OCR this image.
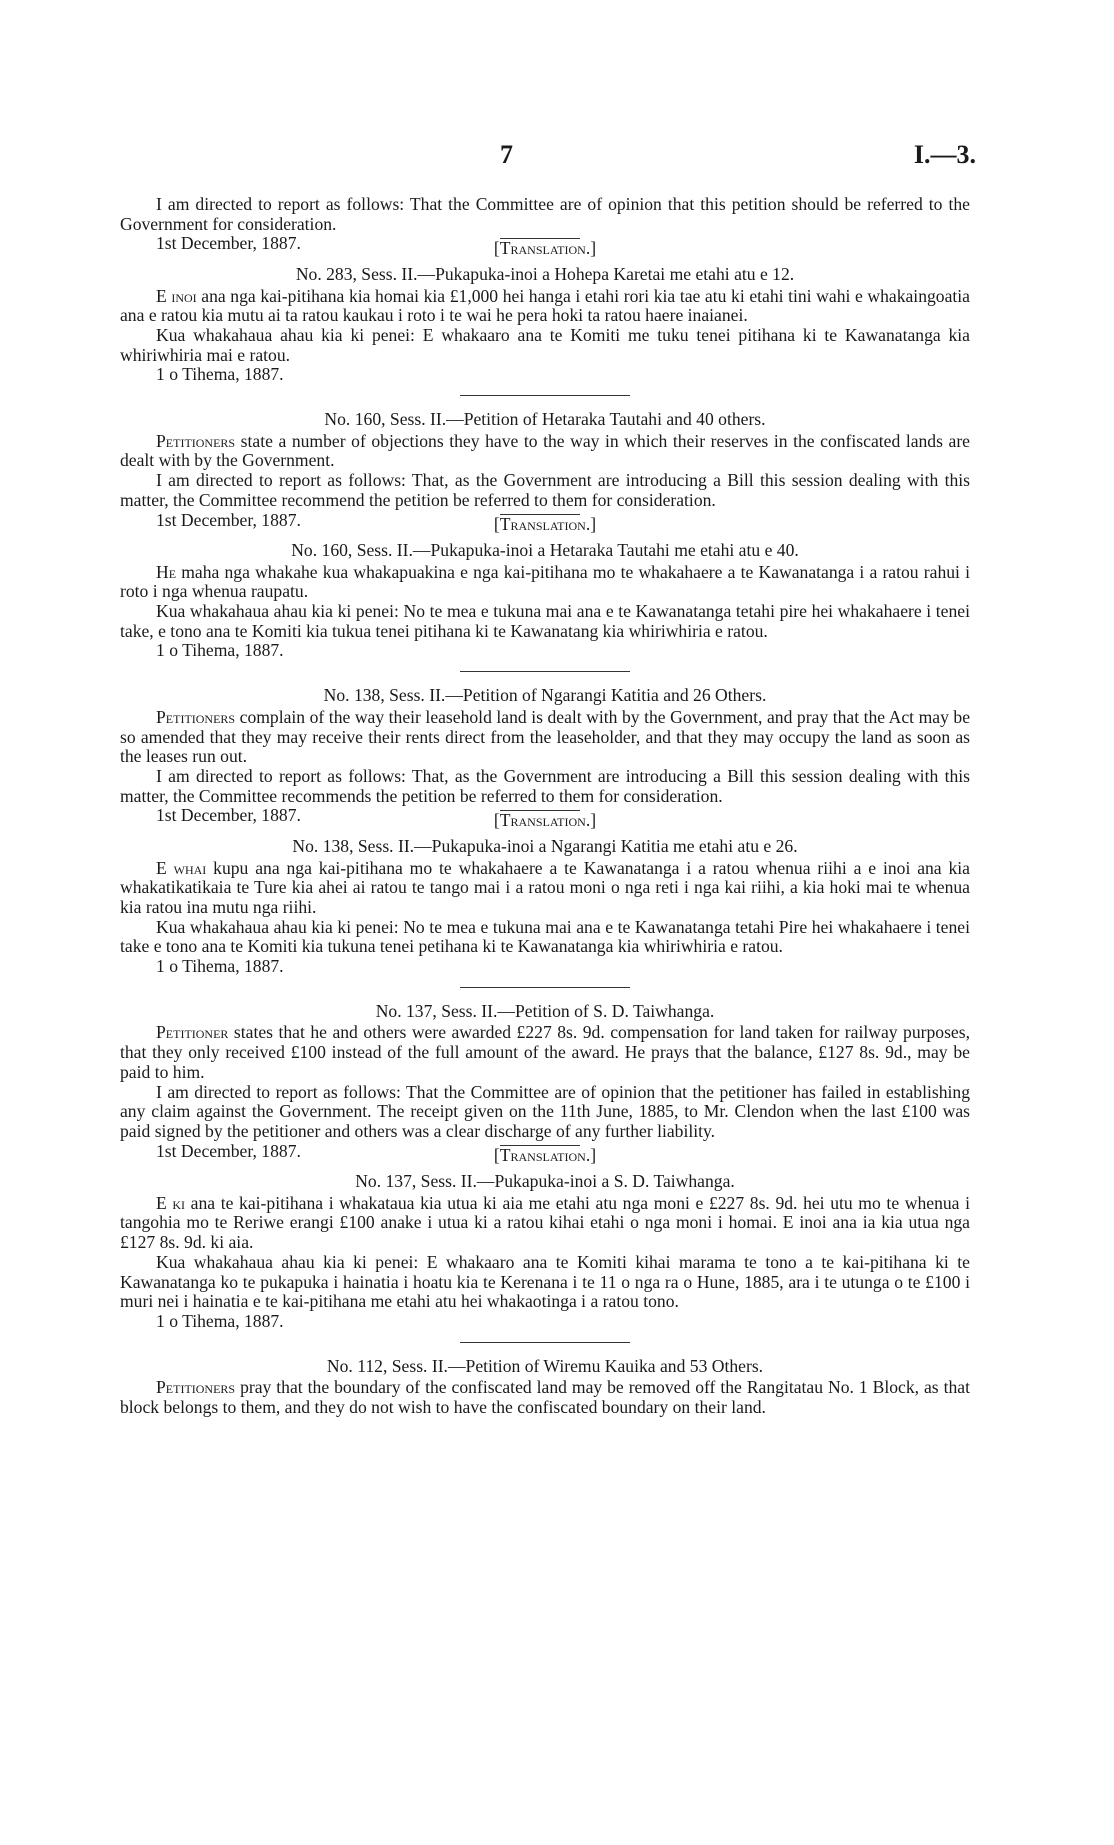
7	I.—3.

I am directed to report as follows: That the Committee are of opinion that this petition should be referred to the Government for consideration.

1st December, 1887.	[Translation.]

No. 283, Sess. II.—Pukapuka-inoi a Hohepa Karetai me etahi atu e 12.

E inoi ana nga kai-pitihana kia homai kia £1,000 hei hanga i etahi rori kia tae atu ki etahi tini wahi e whakaingoatia ana e ratou kia mutu ai ta ratou kaukau i roto i te wai he pera hoki ta ratou haere inaianei.

Kua whakahaua ahau kia ki penei: E whakaaro ana te Komiti me tuku tenei pitihana ki te Kawanatanga kia whiriwhiria mai e ratou.

1 o Tihema, 1887.

No. 160, Sess. II.—Petition of Hetaraka Tautahi and 40 others.

Petitioners state a number of objections they have to the way in which their reserves in the confiscated lands are dealt with by the Government.

I am directed to report as follows: That, as the Government are introducing a Bill this session dealing with this matter, the Committee recommend the petition be referred to them for consideration.

1st December, 1887.	[Translation.]

No. 160, Sess. II.—Pukapuka-inoi a Hetaraka Tautahi me etahi atu e 40.

He maha nga whakahe kua whakapuakina e nga kai-pitihana mo te whakahaere a te Kawanatanga i a ratou rahui i roto i nga whenua raupatu.

Kua whakahaua ahau kia ki penei: No te mea e tukuna mai ana e te Kawanatanga tetahi pire hei whakahaere i tenei take, e tono ana te Komiti kia tukua tenei pitihana ki te Kawanatang kia whiriwhiria e ratou.

1 o Tihema, 1887.

No. 138, Sess. II.—Petition of Ngarangi Katitia and 26 Others.

Petitioners complain of the way their leasehold land is dealt with by the Government, and pray that the Act may be so amended that they may receive their rents direct from the leaseholder, and that they may occupy the land as soon as the leases run out.

I am directed to report as follows: That, as the Government are introducing a Bill this session dealing with this matter, the Committee recommends the petition be referred to them for consideration.

1st December, 1887.	[Translation.]

No. 138, Sess. II.—Pukapuka-inoi a Ngarangi Katitia me etahi atu e 26.

E whai kupu ana nga kai-pitihana mo te whakahaere a te Kawanatanga i a ratou whenua riihi a e inoi ana kia whakatikatikaia te Ture kia ahei ai ratou te tango mai i a ratou moni o nga reti i nga kai riihi, a kia hoki mai te whenua kia ratou ina mutu nga riihi.

Kua whakahaua ahau kia ki penei: No te mea e tukuna mai ana e te Kawanatanga tetahi Pire hei whakahaere i tenei take e tono ana te Komiti kia tukuna tenei petihana ki te Kawanatanga kia whiriwhiria e ratou.

1 o Tihema, 1887.

No. 137, Sess. II.—Petition of S. D. Taiwhanga.

Petitioner states that he and others were awarded £227 8s. 9d. compensation for land taken for railway purposes, that they only received £100 instead of the full amount of the award. He prays that the balance, £127 8s. 9d., may be paid to him.

I am directed to report as follows: That the Committee are of opinion that the petitioner has failed in establishing any claim against the Government. The receipt given on the 11th June, 1885, to Mr. Clendon when the last £100 was paid signed by the petitioner and others was a clear discharge of any further liability.

1st December, 1887.	[Translation.]

No. 137, Sess. II.—Pukapuka-inoi a S. D. Taiwhanga.

E ki ana te kai-pitihana i whakataua kia utua ki aia me etahi atu nga moni e £227 8s. 9d. hei utu mo te whenua i tangohia mo te Reriwe erangi £100 anake i utua ki a ratou kihai etahi o nga moni i homai. E inoi ana ia kia utua nga £127 8s. 9d. ki aia.

Kua whakahaua ahau kia ki penei: E whakaaro ana te Komiti kihai marama te tono a te kai-pitihana ki te Kawanatanga ko te pukapuka i hainatia i hoatu kia te Kerenana i te 11 o nga ra o Hune, 1885, ara i te utunga o te £100 i muri nei i hainatia e te kai-pitihana me etahi atu hei whakaotinga i a ratou tono.

1 o Tihema, 1887.

No. 112, Sess. II.—Petition of Wiremu Kauika and 53 Others.

Petitioners pray that the boundary of the confiscated land may be removed off the Rangitatau No. 1 Block, as that block belongs to them, and they do not wish to have the confiscated boundary on their land.
